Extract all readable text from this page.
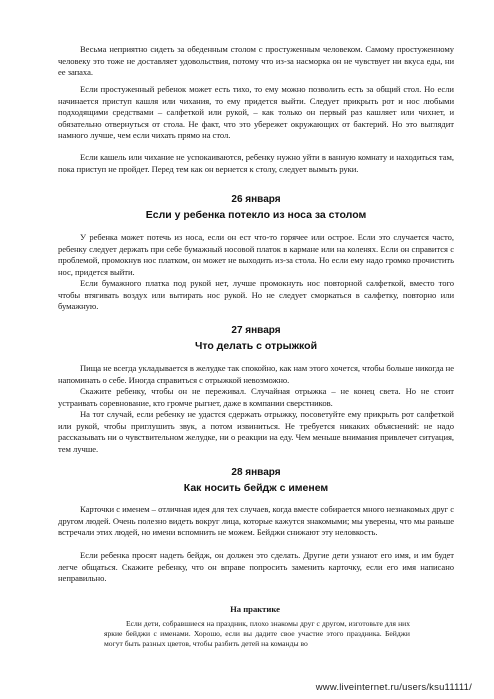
Весьма неприятно сидеть за обеденным столом с простуженным человеком. Самому простуженному человеку это тоже не доставляет удовольствия, потому что из-за насморка он не чувствует ни вкуса еды, ни ее запаха.

Если простуженный ребенок может есть тихо, то ему можно позволить есть за общий стол. Но если начинается приступ кашля или чихания, то ему придется выйти. Следует прикрыть рот и нос любыми подходящими средствами – салфеткой или рукой, – как только он первый раз кашляет или чихнет, и обязательно отвернуться от стола. Не факт, что это убережет окружающих от бактерий. Но это выглядит намного лучше, чем если чихать прямо на стол.

Если кашель или чихание не успокаиваются, ребенку нужно уйти в ванную комнату и находиться там, пока приступ не пройдет. Перед тем как он вернется к столу, следует вымыть руки.

26 января

Если у ребенка потекло из носа за столом

У ребенка может потечь из носа, если он ест что-то горячее или острое. Если это случается часто, ребенку следует держать при себе бумажный носовой платок в кармане или на коленях. Если он справится с проблемой, промокнув нос платком, он может не выходить из-за стола. Но если ему надо громко прочистить нос, придется выйти.

Если бумажного платка под рукой нет, лучше промокнуть нос повторной салфеткой, вместо того чтобы втягивать воздух или вытирать нос рукой. Но не следует сморкаться в салфетку, повторно или бумажную.

27 января

Что делать с отрыжкой

Пища не всегда укладывается в желудке так спокойно, как нам этого хочется, чтобы больше никогда не напоминать о себе. Иногда справиться с отрыжкой невозможно.

Скажите ребенку, чтобы он не переживал. Случайная отрыжка – не конец света. Но не стоит устраивать соревнование, кто громче рыгнет, даже в компании сверстников.

На тот случай, если ребенку не удастся сдержать отрыжку, посоветуйте ему прикрыть рот салфеткой или рукой, чтобы приглушить звук, а потом извиниться. Не требуется никаких объяснений: не надо рассказывать ни о чувствительном желудке, ни о реакции на еду. Чем меньше внимания привлечет ситуация, тем лучше.

28 января

Как носить бейдж с именем

Карточки с именем – отличная идея для тех случаев, когда вместе собирается много незнакомых друг с другом людей. Очень полезно видеть вокруг лица, которые кажутся знакомыми; мы уверены, что мы раньше встречали этих людей, но имени вспомнить не можем. Бейджи снижают эту неловкость.

Если ребенка просят надеть бейдж, он должен это сделать. Другие дети узнают его имя, и им будет легче общаться. Скажите ребенку, что он вправе попросить заменить карточку, если его имя написано неправильно.

На практике

Если дети, собравшиеся на праздник, плохо знакомы друг с другом, изготовьте для них яркие бейджи с именами. Хорошо, если вы дадите свое участие этого праздника. Бейджи могут быть разных цветов, чтобы разбить детей на команды во

www.liveinternet.ru/users/ksu11111/
